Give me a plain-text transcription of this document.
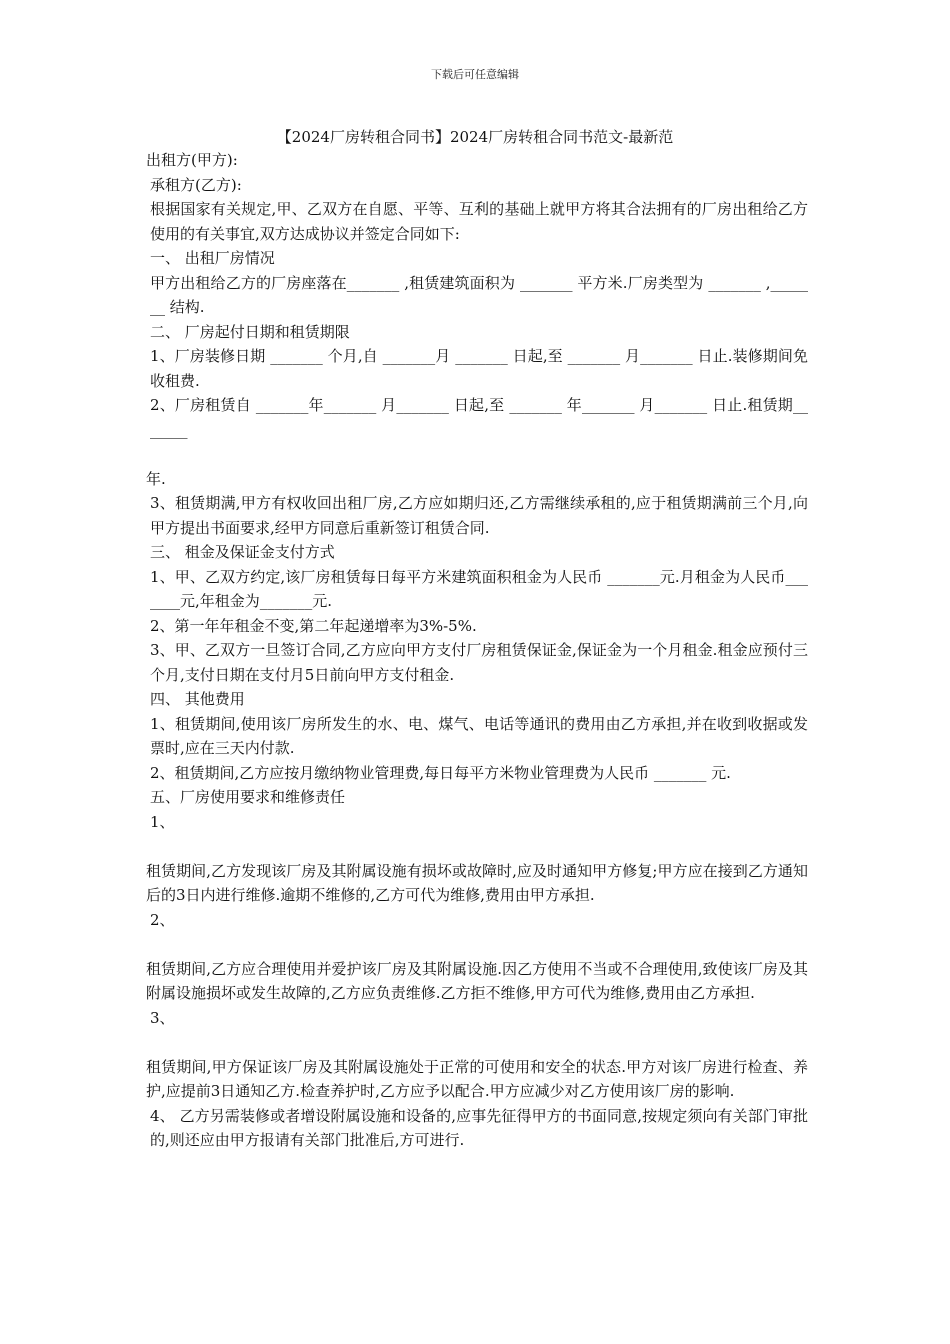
下载后可任意编辑
【2024厂房转租合同书】2024厂房转租合同书范文-最新范

出租方(甲方):

承租方(乙方):

根据国家有关规定,甲、乙双方在自愿、平等、互利的基础上就甲方将其合法拥有的厂房出租给乙方使用的有关事宜,双方达成协议并签定合同如下:

一、 出租厂房情况

甲方出租给乙方的厂房座落在_______ ,租赁建筑面积为 _______ 平方米.厂房类型为 _______ ,_______ 结构.

二、 厂房起付日期和租赁期限

1、厂房装修日期 _______ 个月,自 _______月 _______ 日起,至 _______ 月_______ 日止.装修期间免收租费.

2、厂房租赁自 _______年_______ 月_______ 日起,至 _______ 年_______ 月_______ 日止.租赁期_______

年.

3、租赁期满,甲方有权收回出租厂房,乙方应如期归还,乙方需继续承租的,应于租赁期满前三个月,向甲方提出书面要求,经甲方同意后重新签订租赁合同.

三、 租金及保证金支付方式

1、甲、乙双方约定,该厂房租赁每日每平方米建筑面积租金为人民币 _______元.月租金为人民币_______元,年租金为_______元.

2、第一年年租金不变,第二年起递增率为3%-5%.

3、甲、乙双方一旦签订合同,乙方应向甲方支付厂房租赁保证金,保证金为一个月租金.租金应预付三个月,支付日期在支付月5日前向甲方支付租金.

四、 其他费用

1、租赁期间,使用该厂房所发生的水、电、煤气、电话等通讯的费用由乙方承担,并在收到收据或发票时,应在三天内付款.

2、租赁期间,乙方应按月缴纳物业管理费,每日每平方米物业管理费为人民币 _______ 元.

五、厂房使用要求和维修责任

1、

租赁期间,乙方发现该厂房及其附属设施有损坏或故障时,应及时通知甲方修复;甲方应在接到乙方通知后的3日内进行维修.逾期不维修的,乙方可代为维修,费用由甲方承担.

2、

租赁期间,乙方应合理使用并爱护该厂房及其附属设施.因乙方使用不当或不合理使用,致使该厂房及其附属设施损坏或发生故障的,乙方应负责维修.乙方拒不维修,甲方可代为维修,费用由乙方承担.

3、

租赁期间,甲方保证该厂房及其附属设施处于正常的可使用和安全的状态.甲方对该厂房进行检查、养护,应提前3日通知乙方.检查养护时,乙方应予以配合.甲方应减少对乙方使用该厂房的影响.

4、 乙方另需装修或者增设附属设施和设备的,应事先征得甲方的书面同意,按规定须向有关部门审批的,则还应由甲方报请有关部门批准后,方可进行.
